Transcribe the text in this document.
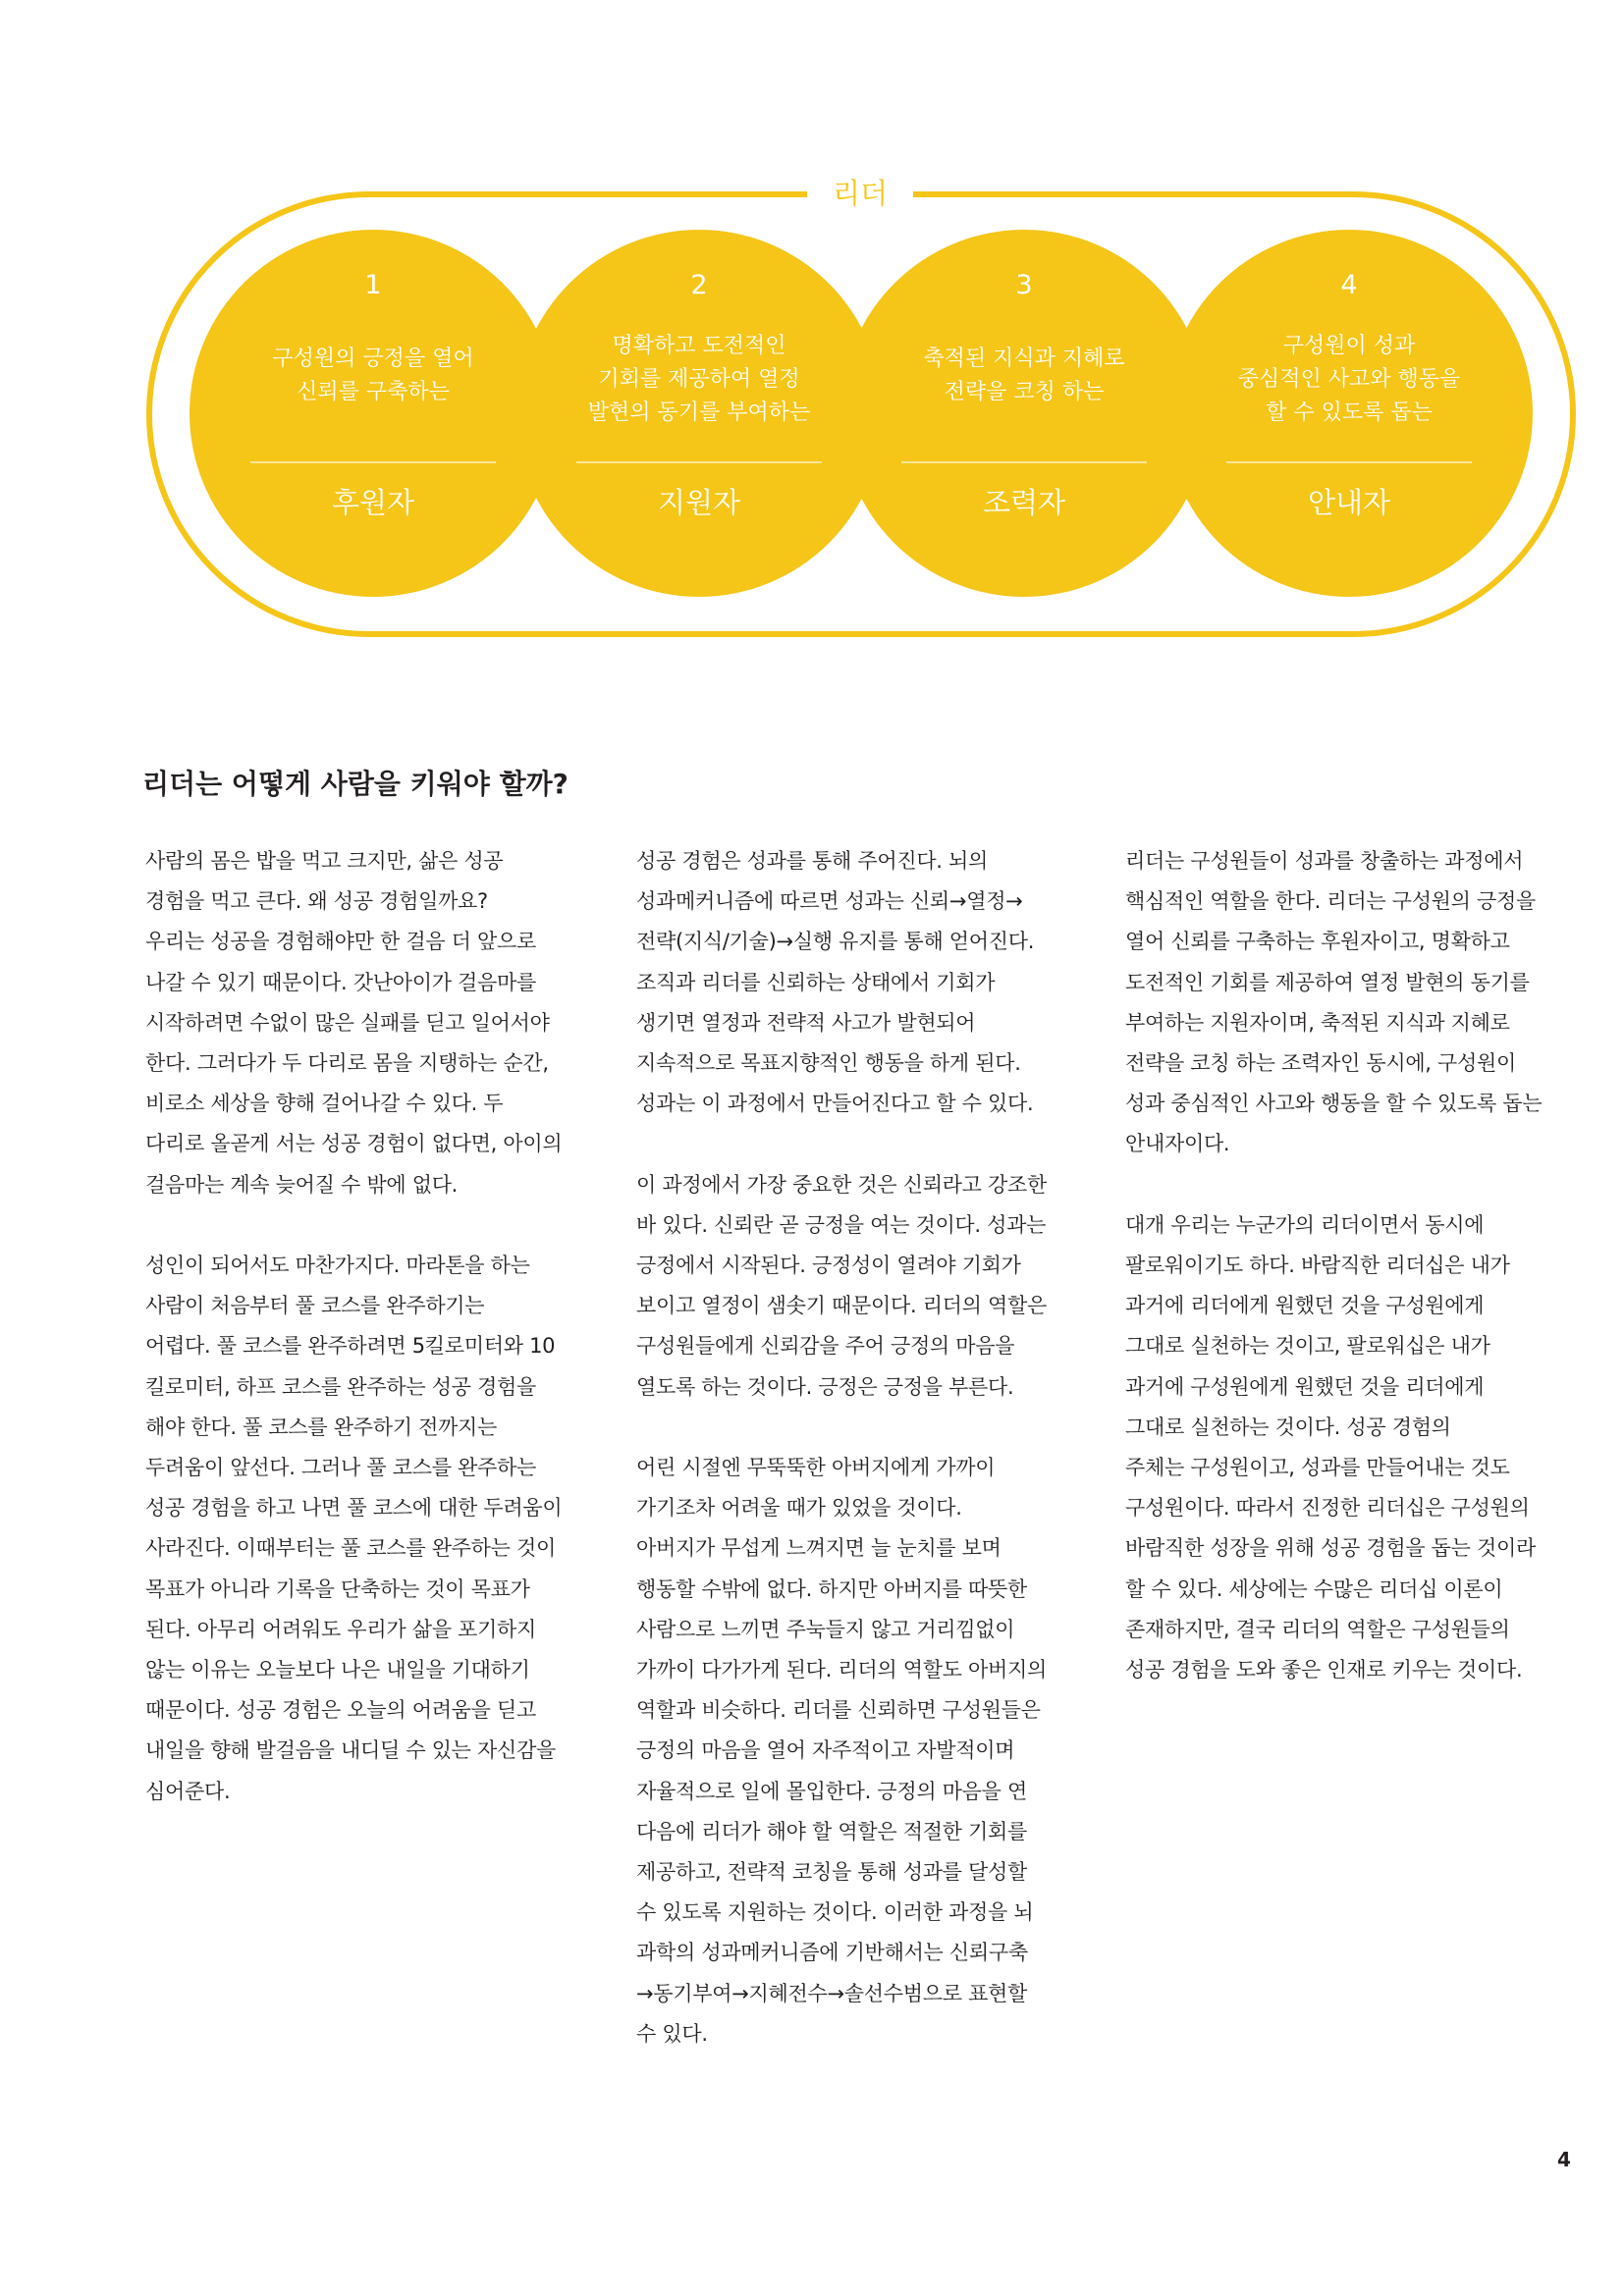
리더
1
구성원의 긍정을 열어
신뢰를 구축하는
후원자
2
명확하고 도전적인
기회를 제공하여 열정
발현의 동기를 부여하는
지원자
3
축적된 지식과 지혜로
전략을 코칭 하는
조력자
4
구성원이 성과
중심적인 사고와 행동을
할 수 있도록 돕는
안내자
리더는 어떻게 사람을 키워야 할까?
사람의 몸은 밥을 먹고 크지만, 삶은 성공
경험을 먹고 큰다. 왜 성공 경험일까요?
우리는 성공을 경험해야만 한 걸음 더 앞으로
나갈 수 있기 때문이다. 갓난아이가 걸음마를
시작하려면 수없이 많은 실패를 딛고 일어서야
한다. 그러다가 두 다리로 몸을 지탱하는 순간,
비로소 세상을 향해 걸어나갈 수 있다. 두
다리로 올곧게 서는 성공 경험이 없다면, 아이의
걸음마는 계속 늦어질 수 밖에 없다.
성인이 되어서도 마찬가지다. 마라톤을 하는
사람이 처음부터 풀 코스를 완주하기는
어렵다. 풀 코스를 완주하려면 5킬로미터와 10
킬로미터, 하프 코스를 완주하는 성공 경험을
해야 한다. 풀 코스를 완주하기 전까지는
두려움이 앞선다. 그러나 풀 코스를 완주하는
성공 경험을 하고 나면 풀 코스에 대한 두려움이
사라진다. 이때부터는 풀 코스를 완주하는 것이
목표가 아니라 기록을 단축하는 것이 목표가
된다. 아무리 어려워도 우리가 삶을 포기하지
않는 이유는 오늘보다 나은 내일을 기대하기
때문이다. 성공 경험은 오늘의 어려움을 딛고
내일을 향해 발걸음을 내디딜 수 있는 자신감을
심어준다.
성공 경험은 성과를 통해 주어진다. 뇌의
성과메커니즘에 따르면 성과는 신뢰→열정→
전략(지식/기술)→실행 유지를 통해 얻어진다.
조직과 리더를 신뢰하는 상태에서 기회가
생기면 열정과 전략적 사고가 발현되어
지속적으로 목표지향적인 행동을 하게 된다.
성과는 이 과정에서 만들어진다고 할 수 있다.
이 과정에서 가장 중요한 것은 신뢰라고 강조한
바 있다. 신뢰란 곧 긍정을 여는 것이다. 성과는
긍정에서 시작된다. 긍정성이 열려야 기회가
보이고 열정이 샘솟기 때문이다. 리더의 역할은
구성원들에게 신뢰감을 주어 긍정의 마음을
열도록 하는 것이다. 긍정은 긍정을 부른다.
어린 시절엔 무뚝뚝한 아버지에게 가까이
가기조차 어려울 때가 있었을 것이다.
아버지가 무섭게 느껴지면 늘 눈치를 보며
행동할 수밖에 없다. 하지만 아버지를 따뜻한
사람으로 느끼면 주눅들지 않고 거리낌없이
가까이 다가가게 된다. 리더의 역할도 아버지의
역할과 비슷하다. 리더를 신뢰하면 구성원들은
긍정의 마음을 열어 자주적이고 자발적이며
자율적으로 일에 몰입한다. 긍정의 마음을 연
다음에 리더가 해야 할 역할은 적절한 기회를
제공하고, 전략적 코칭을 통해 성과를 달성할
수 있도록 지원하는 것이다. 이러한 과정을 뇌
과학의 성과메커니즘에 기반해서는 신뢰구축
→동기부여→지혜전수→솔선수범으로 표현할
수 있다.
리더는 구성원들이 성과를 창출하는 과정에서
핵심적인 역할을 한다. 리더는 구성원의 긍정을
열어 신뢰를 구축하는 후원자이고, 명확하고
도전적인 기회를 제공하여 열정 발현의 동기를
부여하는 지원자이며, 축적된 지식과 지혜로
전략을 코칭 하는 조력자인 동시에, 구성원이
성과 중심적인 사고와 행동을 할 수 있도록 돕는
안내자이다.
대개 우리는 누군가의 리더이면서 동시에
팔로워이기도 하다. 바람직한 리더십은 내가
과거에 리더에게 원했던 것을 구성원에게
그대로 실천하는 것이고, 팔로워십은 내가
과거에 구성원에게 원했던 것을 리더에게
그대로 실천하는 것이다. 성공 경험의
주체는 구성원이고, 성과를 만들어내는 것도
구성원이다. 따라서 진정한 리더십은 구성원의
바람직한 성장을 위해 성공 경험을 돕는 것이라
할 수 있다. 세상에는 수많은 리더십 이론이
존재하지만, 결국 리더의 역할은 구성원들의
성공 경험을 도와 좋은 인재로 키우는 것이다.
4
